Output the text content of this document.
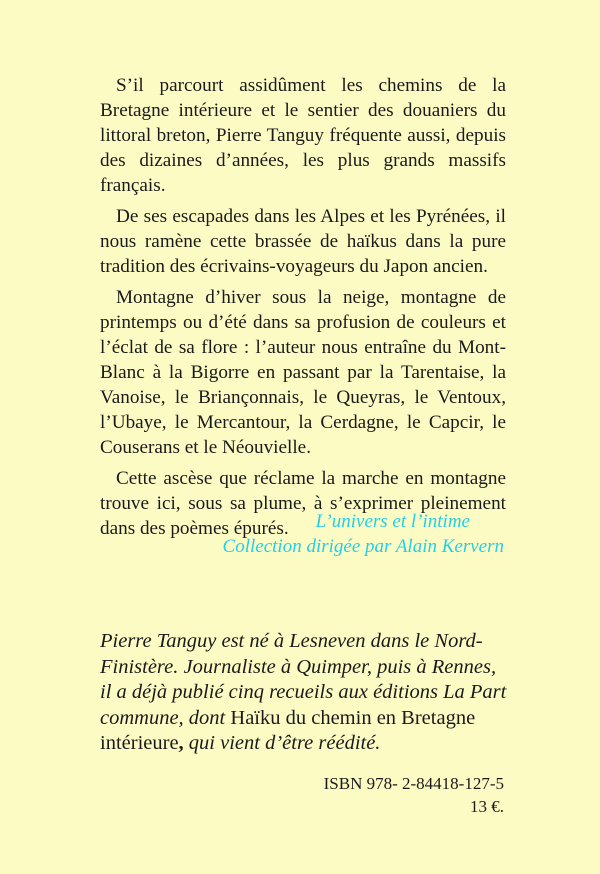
S’il parcourt assidûment les chemins de la Bretagne intérieure et le sentier des douaniers du littoral breton, Pierre Tanguy fréquente aussi, depuis des dizaines d’années, les plus grands massifs français.

De ses escapades dans les Alpes et les Pyrénées, il nous ramène cette brassée de haïkus dans la pure tradition des écrivains-voyageurs du Japon ancien.

Montagne d’hiver sous la neige, montagne de printemps ou d’été dans sa profusion de couleurs et l’éclat de sa flore : l’auteur nous entraîne du Mont-Blanc à la Bigorre en passant par la Tarentaise, la Vanoise, le Briançonnais, le Queyras, le Ventoux, l’Ubaye, le Mercantour, la Cerdagne, le Capcir, le Couserans et le Néouvielle.

Cette ascèse que réclame la marche en montagne trouve ici, sous sa plume, à s’exprimer pleinement dans des poèmes épurés.	L’univers et l’intime
Collection dirigée par Alain Kervern
Pierre Tanguy est né à Lesneven dans le Nord-Finistère. Journaliste à Quimper, puis à Rennes, il a déjà publié cinq recueils aux éditions La Part commune, dont Haïku du chemin en Bretagne intérieure, qui vient d’être réédité.
ISBN 978- 2-84418-127-5
13 €.
